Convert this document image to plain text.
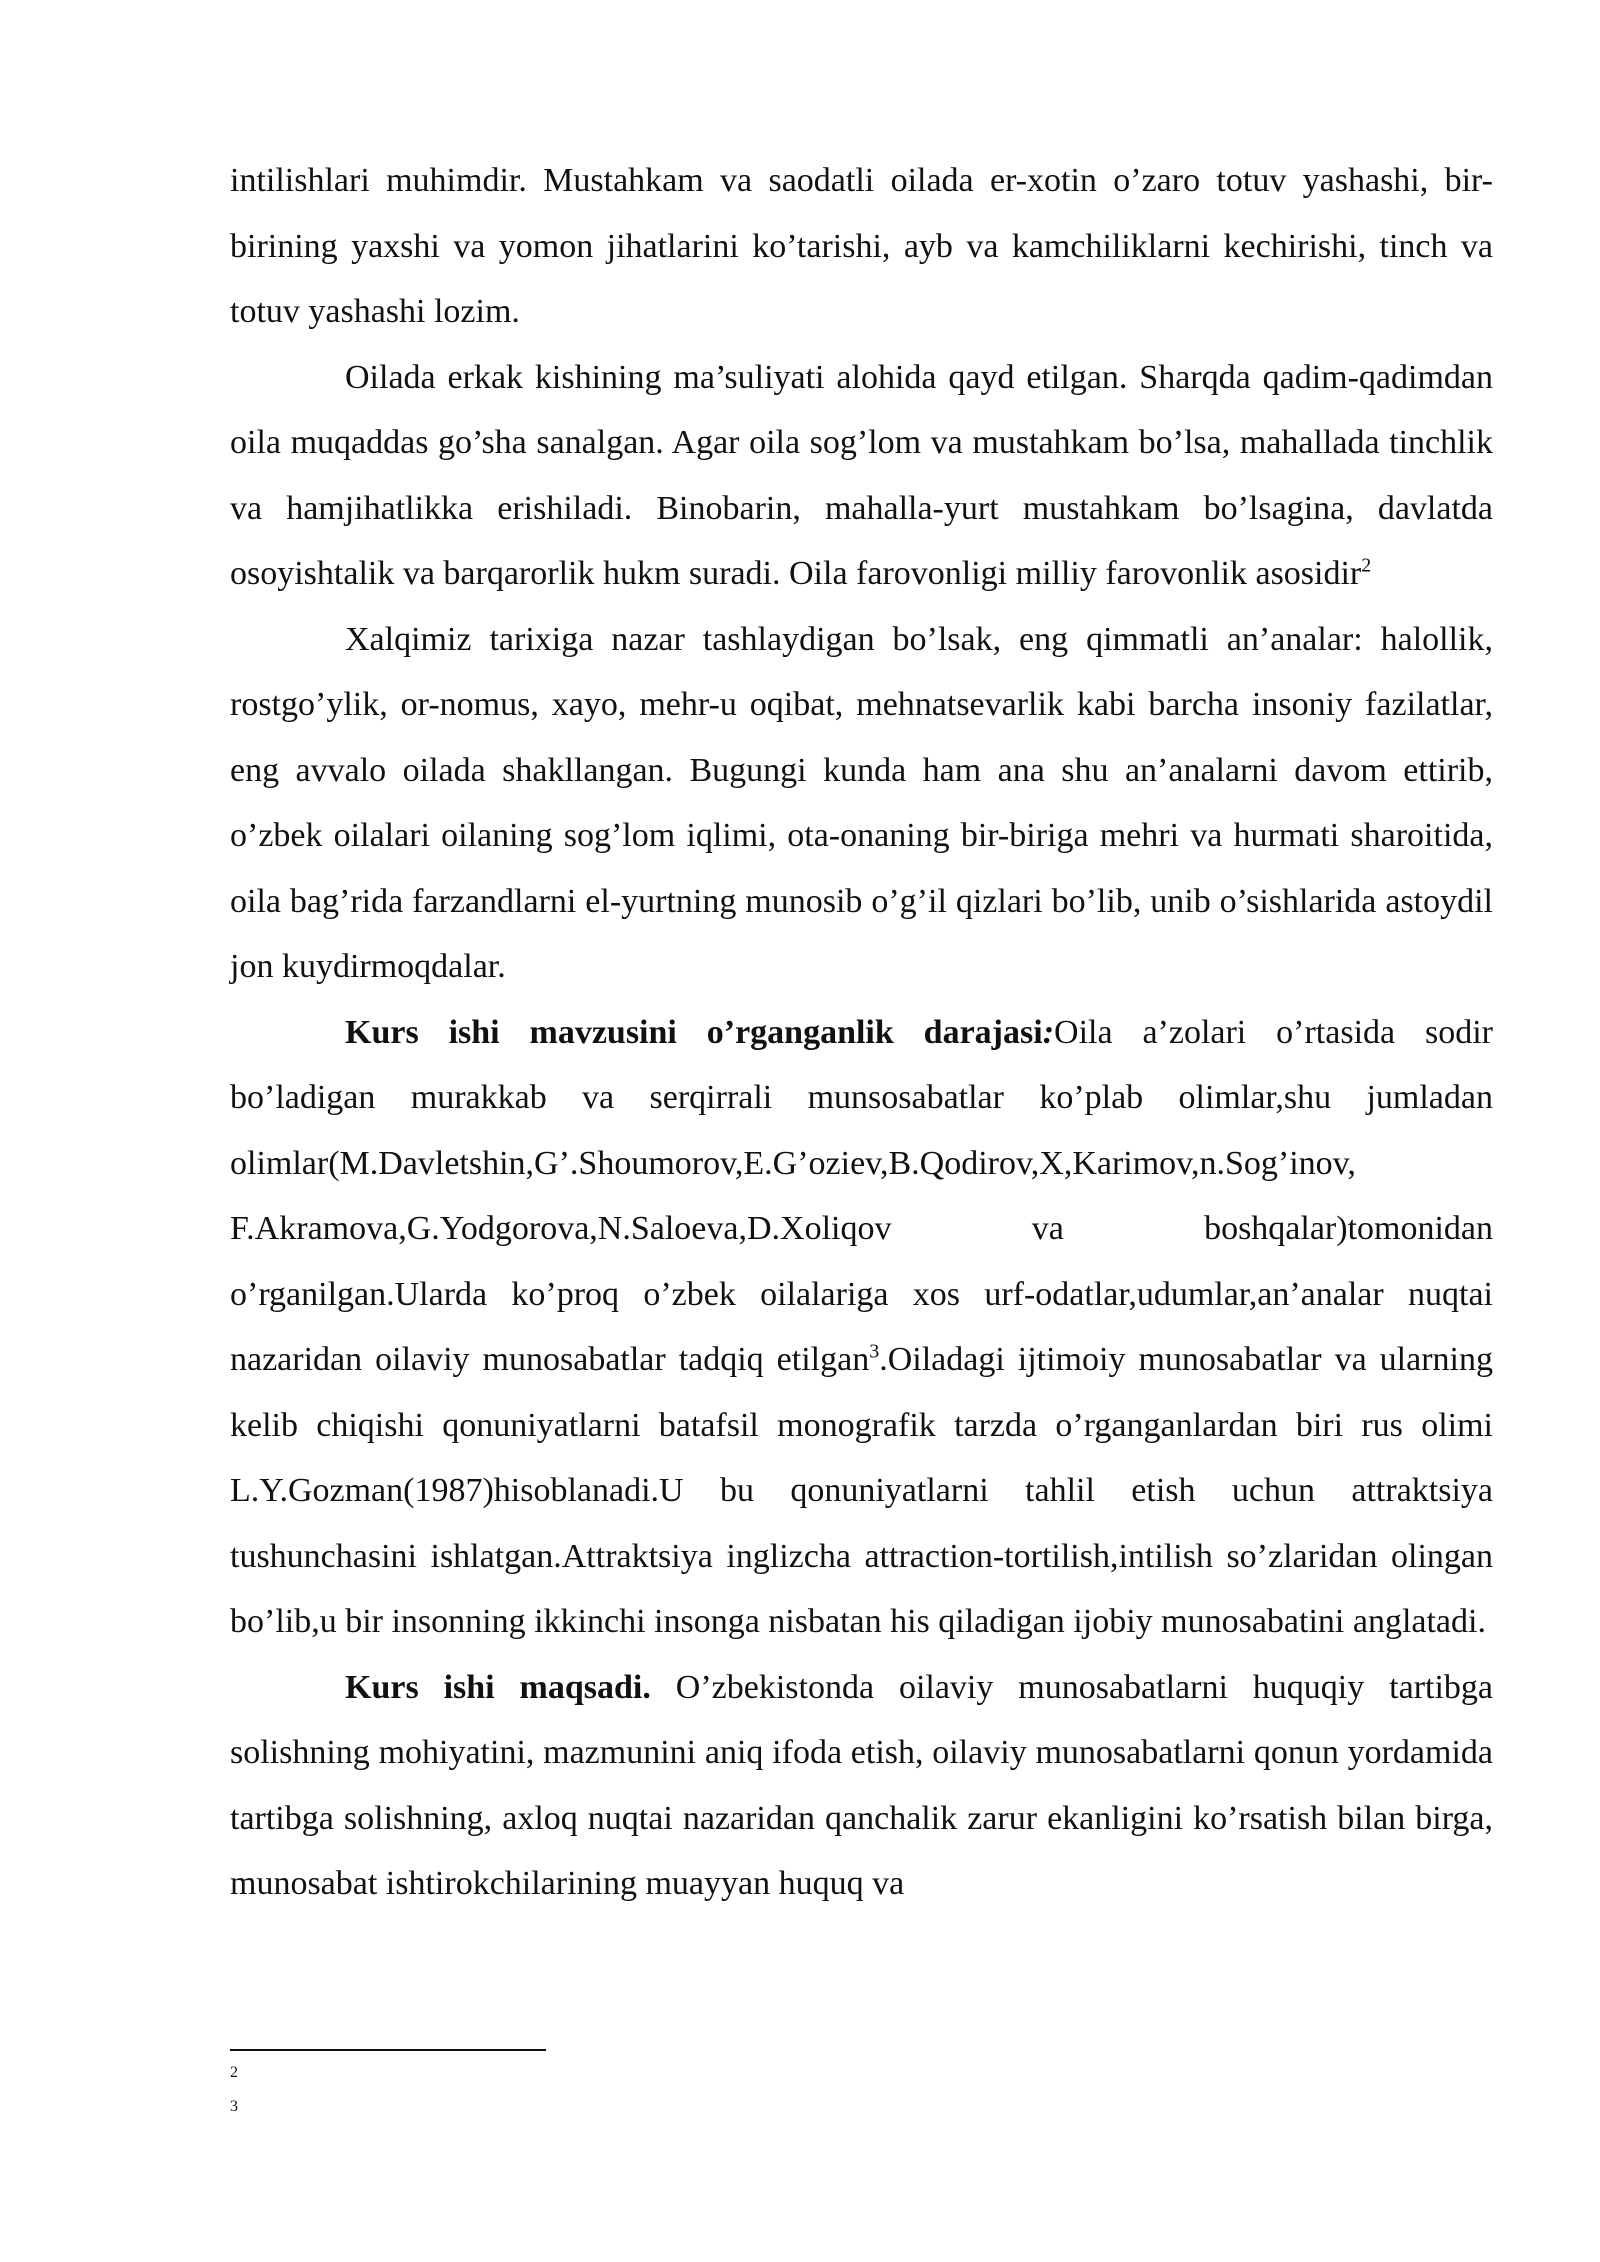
intilishlari muhimdir. Mustahkam va saodatli oilada er-xotin o’zaro totuv yashashi, bir-birining yaxshi va yomon jihatlarini ko’tarishi, ayb va kamchiliklarni kechirishi, tinch va totuv yashashi lozim.

Oilada erkak kishining ma’suliyati alohida qayd etilgan. Sharqda qadim-qadimdan oila muqaddas go’sha sanalgan. Agar oila sog’lom va mustahkam bo’lsa, mahallada tinchlik va hamjihatlikka erishiladi. Binobarin, mahalla-yurt mustahkam bo’lsagina, davlatda osoyishtalik va barqarorlik hukm suradi. Oila farovonligi milliy farovonlik asosidir$^2$

Xalqimiz tarixiga nazar tashlaydigan bo’lsak, eng qimmatli an’analar: halollik, rostgo’ylik, or-nomus, xayo, mehr-u oqibat, mehnatsevarlik kabi barcha insoniy fazilatlar, eng avvalo oilada shakllangan. Bugungi kunda ham ana shu an’analarni davom ettirib, o’zbek oilalari oilaning sog’lom iqlimi, ota-onaning bir-biriga mehri va hurmati sharoitida, oila bag’rida farzandlarni el-yurtning munosib o’g’il qizlari bo’lib, unib o’sishlarida astoydil jon kuydirmoqdalar.

Kurs ishi mavzusini o’rganganlik darajasi:Oila a’zolari o’rtasida sodir bo’ladigan murakkab va serqirrali munsosabatlar ko’plab olimlar,shu jumladan olimlar(M.Davletshin,G’.Shoumorov,E.G’oziev,B.Qodirov,X,Karimov,n.Sog’inov, F.Akramova,G.Yodgorova,N.Saloeva,D.Xoliqov va boshqalar)tomonidan o’rganilgan.Ularda ko’proq o’zbek oilalariga xos urf-odatlar,udumlar,an’analar nuqtai nazaridan oilaviy munosabatlar tadqiq etilgan$^3$.Oiladagi ijtimoiy munosabatlar va ularning kelib chiqishi qonuniyatlarni batafsil monografik tarzda o’rganganlardan biri rus olimi L.Y.Gozman(1987)hisoblanadi.U bu qonuniyatlarni tahlil etish uchun attraktsiya tushunchasini ishlatgan.Attraktsiya inglizcha attraction-tortilish,intilish so’zlaridan olingan bo’lib,u bir insonning ikkinchi insonga nisbatan his qiladigan ijobiy munosabatini anglatadi.

Kurs ishi maqsadi. O’zbekistonda oilaviy munosabatlarni huquqiy tartibga solishning mohiyatini, mazmunini aniq ifoda etish, oilaviy munosabatlarni qonun yordamida tartibga solishning, axloq nuqtai nazaridan qanchalik zarur ekanligini ko’rsatish bilan birga, munosabat ishtirokchilarining muayyan huquq va

2
3
